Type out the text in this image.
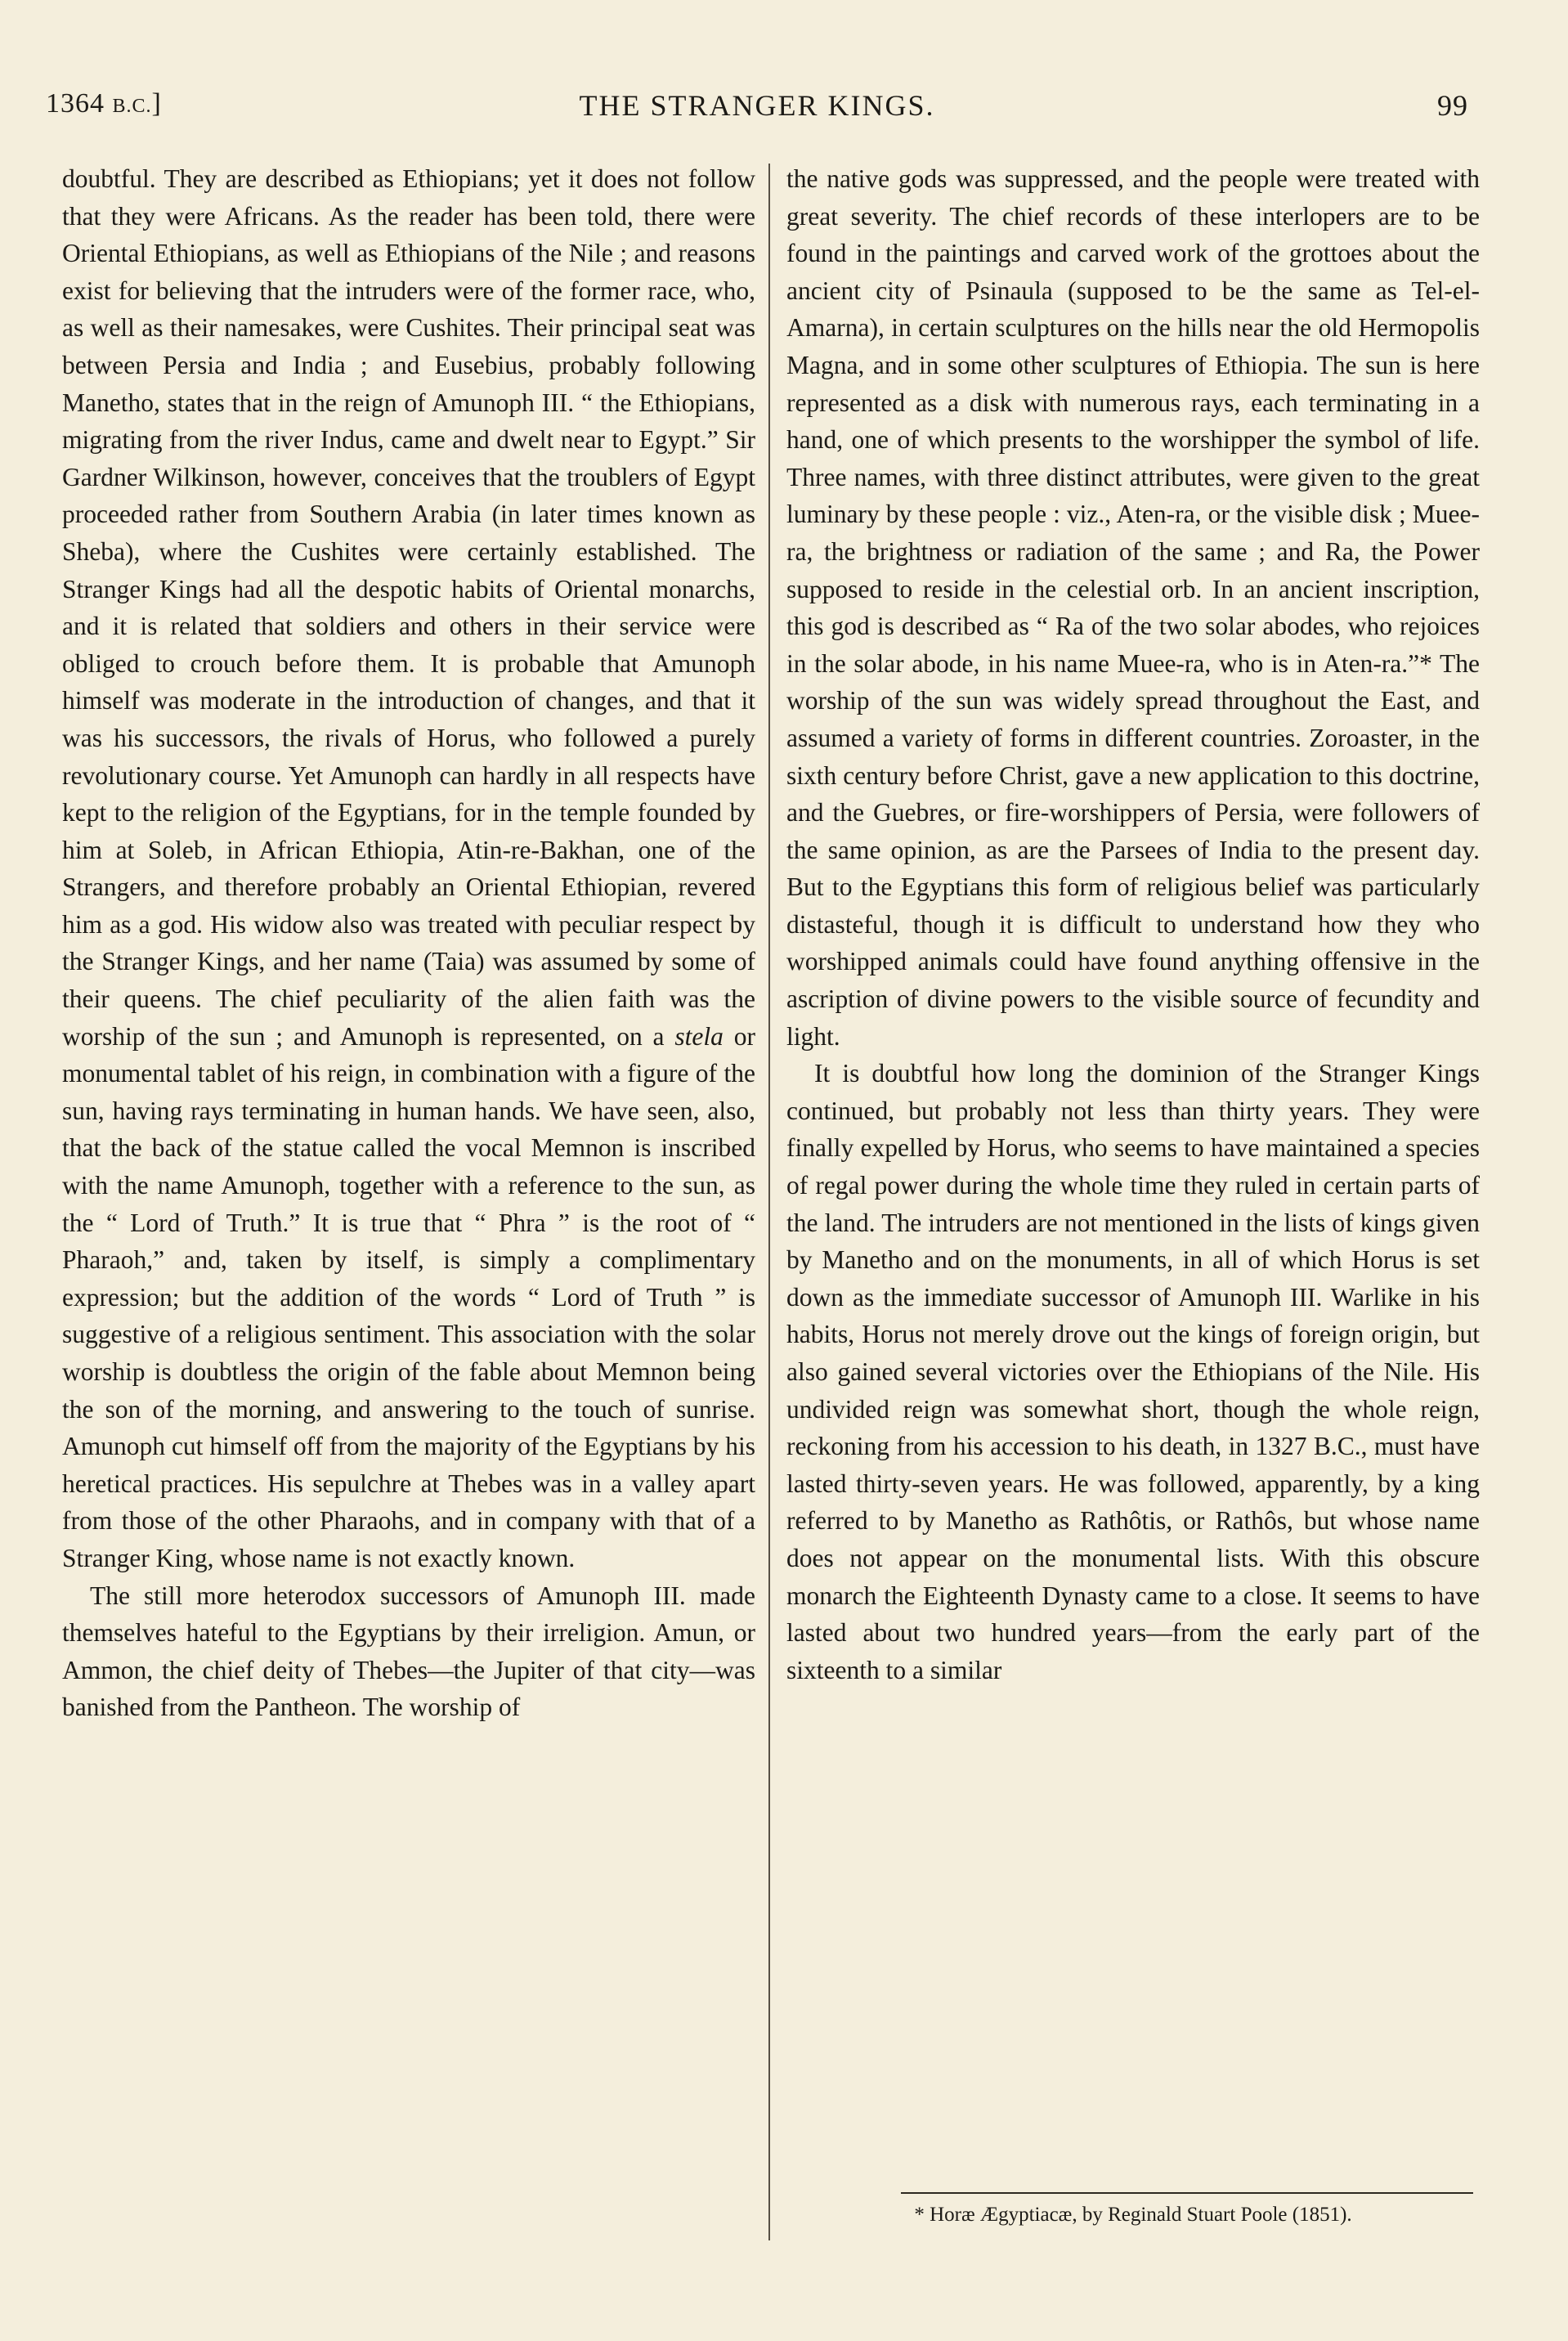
1364 B.C.]	THE STRANGER KINGS.	99

doubtful. They are described as Ethiopians; yet it does not follow that they were Africans. As the reader has been told, there were Oriental Ethiopians, as well as Ethiopians of the Nile ; and reasons exist for believing that the intruders were of the former race, who, as well as their namesakes, were Cushites. Their principal seat was between Persia and India ; and Eusebius, probably following Manetho, states that in the reign of Amunoph III. “ the Ethiopians, migrating from the river Indus, came and dwelt near to Egypt.” Sir Gardner Wilkinson, however, conceives that the troublers of Egypt proceeded rather from Southern Arabia (in later times known as Sheba), where the Cushites were certainly established. The Stranger Kings had all the despotic habits of Oriental monarchs, and it is related that soldiers and others in their service were obliged to crouch before them. It is probable that Amunoph himself was moderate in the introduction of changes, and that it was his successors, the rivals of Horus, who followed a purely revolutionary course. Yet Amunoph can hardly in all respects have kept to the religion of the Egyptians, for in the temple founded by him at Soleb, in African Ethiopia, Atin-re-Bakhan, one of the Strangers, and therefore probably an Oriental Ethiopian, revered him as a god. His widow also was treated with peculiar respect by the Stranger Kings, and her name (Taia) was assumed by some of their queens. The chief peculiarity of the alien faith was the worship of the sun ; and Amunoph is represented, on a stela or monumental tablet of his reign, in combination with a figure of the sun, having rays terminating in human hands. We have seen, also, that the back of the statue called the vocal Memnon is inscribed with the name Amunoph, together with a reference to the sun, as the “ Lord of Truth.” It is true that “ Phra ” is the root of “ Pharaoh,” and, taken by itself, is simply a complimentary expression; but the addition of the words “ Lord of Truth ” is suggestive of a religious sentiment. This association with the solar worship is doubtless the origin of the fable about Memnon being the son of the morning, and answering to the touch of sunrise. Amunoph cut himself off from the majority of the Egyptians by his heretical practices. His sepulchre at Thebes was in a valley apart from those of the other Pharaohs, and in company with that of a Stranger King, whose name is not exactly known.

The still more heterodox successors of Amunoph III. made themselves hateful to the Egyptians by their irreligion. Amun, or Ammon, the chief deity of Thebes—the Jupiter of that city—was banished from the Pantheon. The worship of

the native gods was suppressed, and the people were treated with great severity. The chief records of these interlopers are to be found in the paintings and carved work of the grottoes about the ancient city of Psinaula (supposed to be the same as Tel-el-Amarna), in certain sculptures on the hills near the old Hermopolis Magna, and in some other sculptures of Ethiopia. The sun is here represented as a disk with numerous rays, each terminating in a hand, one of which presents to the worshipper the symbol of life. Three names, with three distinct attributes, were given to the great luminary by these people : viz., Aten-ra, or the visible disk ; Muee-ra, the brightness or radiation of the same ; and Ra, the Power supposed to reside in the celestial orb. In an ancient inscription, this god is described as “ Ra of the two solar abodes, who rejoices in the solar abode, in his name Muee-ra, who is in Aten-ra.”* The worship of the sun was widely spread throughout the East, and assumed a variety of forms in different countries. Zoroaster, in the sixth century before Christ, gave a new application to this doctrine, and the Guebres, or fire-worshippers of Persia, were followers of the same opinion, as are the Parsees of India to the present day. But to the Egyptians this form of religious belief was particularly distasteful, though it is difficult to understand how they who worshipped animals could have found anything offensive in the ascription of divine powers to the visible source of fecundity and light.

It is doubtful how long the dominion of the Stranger Kings continued, but probably not less than thirty years. They were finally expelled by Horus, who seems to have maintained a species of regal power during the whole time they ruled in certain parts of the land. The intruders are not mentioned in the lists of kings given by Manetho and on the monuments, in all of which Horus is set down as the immediate successor of Amunoph III. Warlike in his habits, Horus not merely drove out the kings of foreign origin, but also gained several victories over the Ethiopians of the Nile. His undivided reign was somewhat short, though the whole reign, reckoning from his accession to his death, in 1327 B.C., must have lasted thirty-seven years. He was followed, apparently, by a king referred to by Manetho as Rathôtis, or Rathôs, but whose name does not appear on the monumental lists. With this obscure monarch the Eighteenth Dynasty came to a close. It seems to have lasted about two hundred years—from the early part of the sixteenth to a similar

* Horæ Ægyptiacæ, by Reginald Stuart Poole (1851).
